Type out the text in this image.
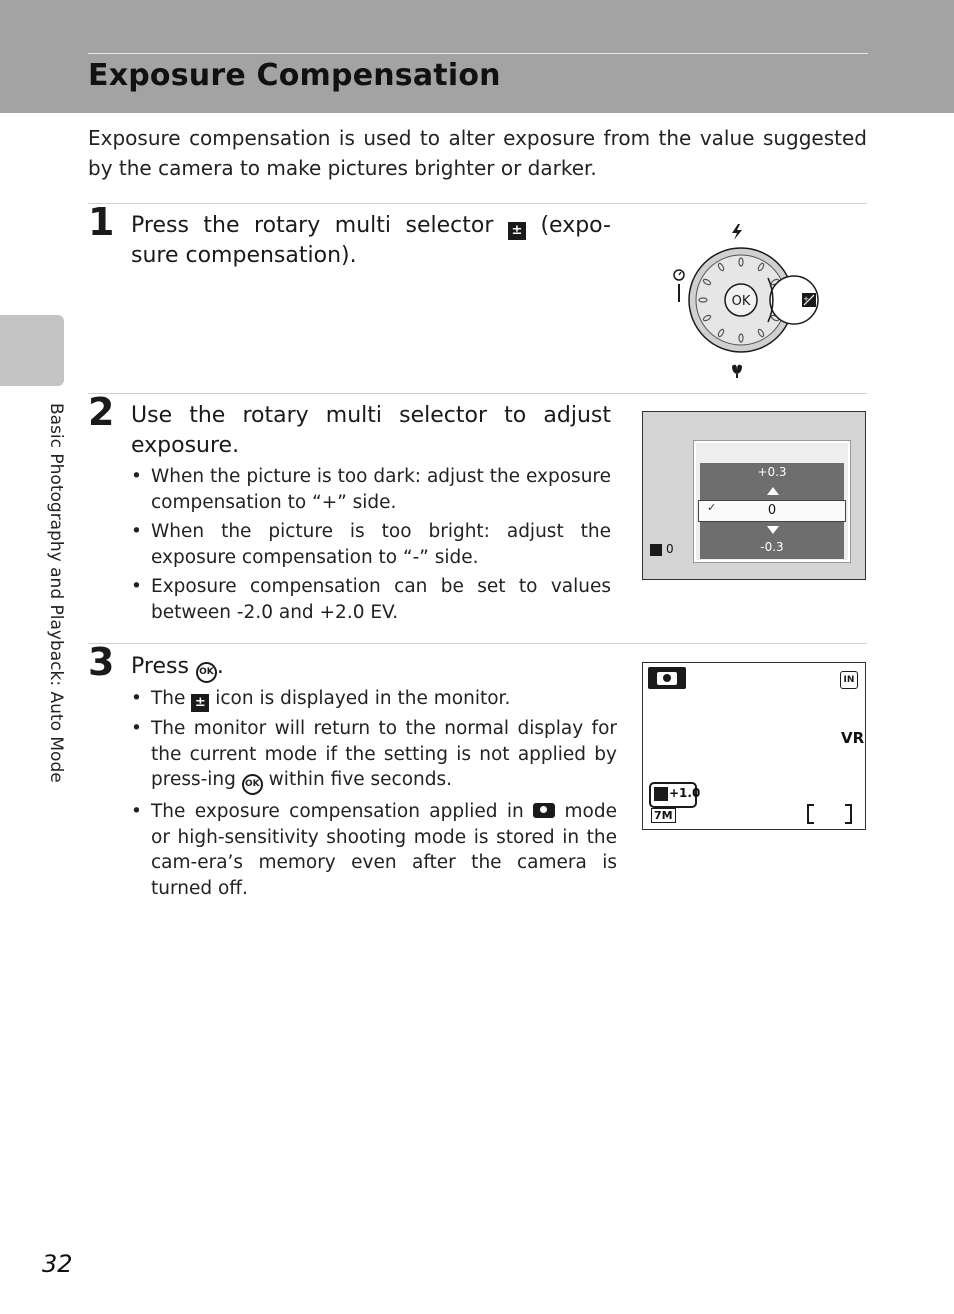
Exposure Compensation
Basic Photography and Playback: Auto Mode
Exposure compensation is used to alter exposure from the value suggested by the camera to make pictures brighter or darker.
1 Press the rotary multi selector ± (expo-sure compensation).
OK	+
2 Use the rotary multi selector to adjust exposure.
• When the picture is too dark: adjust the exposure compensation to “+” side.
• When the picture is too bright: adjust the exposure compensation to “-” side.
• Exposure compensation can be set to values between -2.0 and +2.0 EV.
+0.3
✓	0
-0.3
0
3 Press OK .
• The ± icon is displayed in the monitor.
• The monitor will return to the normal display for the current mode if the setting is not applied by press-ing OK within five seconds.
• The exposure compensation applied in mode or high-sensitivity shooting mode is stored in the cam-era’s memory even after the camera is turned off.
IN
VR
+1.0
7M
32
